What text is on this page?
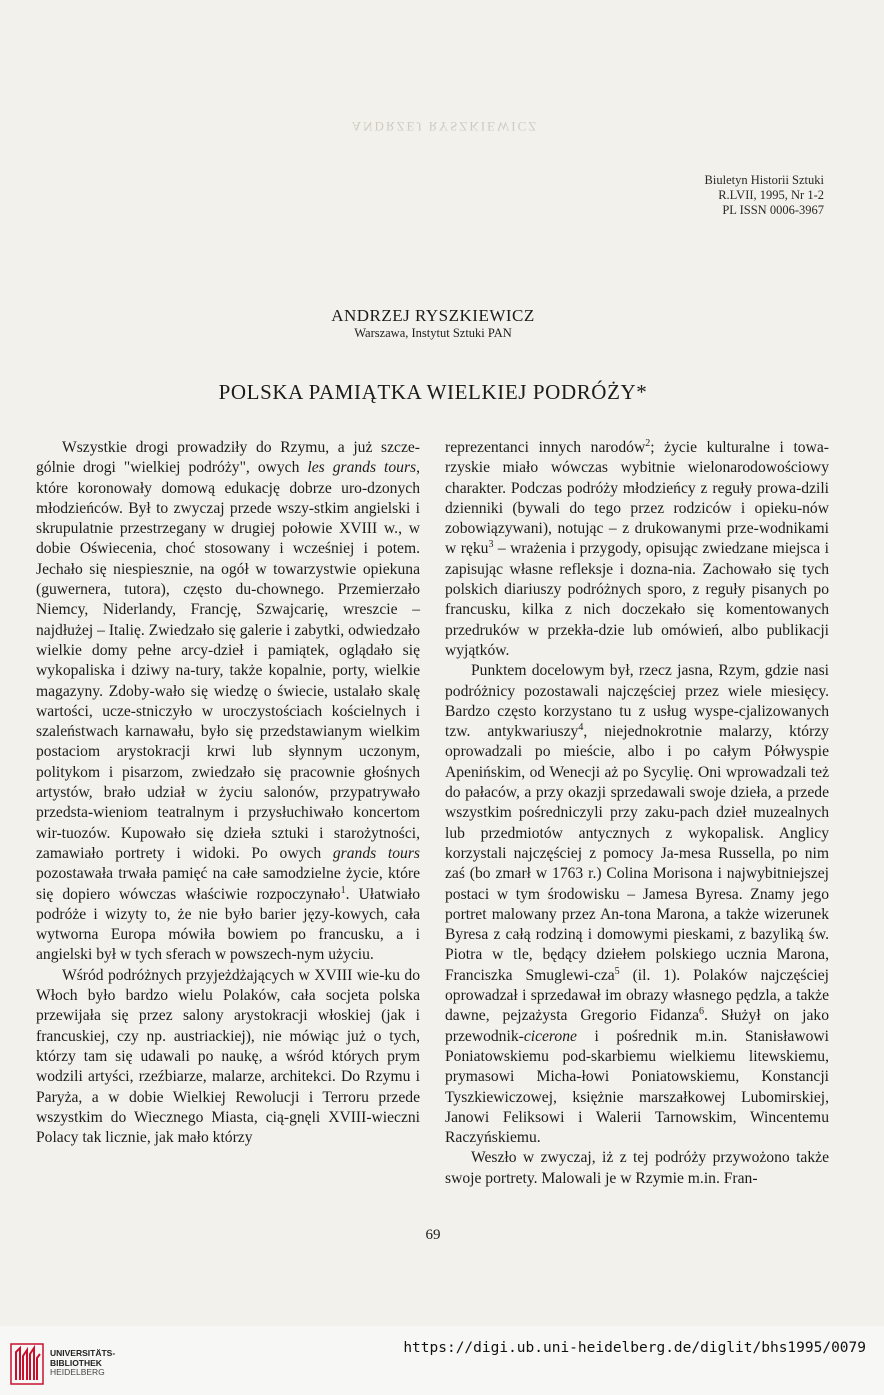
ANDRZEJ RYSZKIEWICZ
Biuletyn Historii Sztuki
R.LVII, 1995, Nr 1-2
PL ISSN 0006-3967
ANDRZEJ RYSZKIEWICZ
Warszawa, Instytut Sztuki PAN
POLSKA PAMIĄTKA WIELKIEJ PODRÓŻY*

Wszystkie drogi prowadziły do Rzymu, a już szcze-gólnie drogi "wielkiej podróży", owych les grands tours, które koronowały domową edukację dobrze uro-dzonych młodzieńców. Był to zwyczaj przede wszy-stkim angielski i skrupulatnie przestrzegany w drugiej połowie XVIII w., w dobie Oświecenia, choć stosowany i wcześniej i potem. Jechało się niespiesznie, na ogół w towarzystwie opiekuna (guwernera, tutora), często du-chownego. Przemierzało Niemcy, Niderlandy, Francję, Szwajcarię, wreszcie – najdłużej – Italię. Zwiedzało się galerie i zabytki, odwiedzało wielkie domy pełne arcy-dzieł i pamiątek, oglądało się wykopaliska i dziwy na-tury, także kopalnie, porty, wielkie magazyny. Zdoby-wało się wiedzę o świecie, ustalało skalę wartości, ucze-stniczyło w uroczystościach kościelnych i szaleństwach karnawału, było się przedstawianym wielkim postaciom arystokracji krwi lub słynnym uczonym, politykom i pisarzom, zwiedzało się pracownie głośnych artystów, brało udział w życiu salonów, przypatrywało przedsta-wieniom teatralnym i przysłuchiwało koncertom wir-tuozów. Kupowało się dzieła sztuki i starożytności, zamawiało portrety i widoki. Po owych grands tours pozostawała trwała pamięć na całe samodzielne życie, które się dopiero wówczas właściwie rozpoczynało$^1$. Ułatwiało podróże i wizyty to, że nie było barier języ-kowych, cała wytworna Europa mówiła bowiem po francusku, a i angielski był w tych sferach w powszech-nym użyciu.

Wśród podróżnych przyjeżdżających w XVIII wie-ku do Włoch było bardzo wielu Polaków, cała socjeta polska przewijała się przez salony arystokracji włoskiej (jak i francuskiej, czy np. austriackiej), nie mówiąc już o tych, którzy tam się udawali po naukę, a wśród których prym wodzili artyści, rzeźbiarze, malarze, architekci. Do Rzymu i Paryża, a w dobie Wielkiej Rewolucji i Terroru przede wszystkim do Wiecznego Miasta, cią-gnęli XVIII-wieczni Polacy tak licznie, jak mało którzy

reprezentanci innych narodów$^2$; życie kulturalne i towa-rzyskie miało wówczas wybitnie wielonarodowościowy charakter. Podczas podróży młodzieńcy z reguły prowa-dzili dzienniki (bywali do tego przez rodziców i opieku-nów zobowiązywani), notując – z drukowanymi prze-wodnikami w ręku$^3$ – wrażenia i przygody, opisując zwiedzane miejsca i zapisując własne refleksje i dozna-nia. Zachowało się tych polskich diariuszy podróżnych sporo, z reguły pisanych po francusku, kilka z nich doczekało się komentowanych przedruków w przekła-dzie lub omówień, albo publikacji wyjątków.

Punktem docelowym był, rzecz jasna, Rzym, gdzie nasi podróżnicy pozostawali najczęściej przez wiele miesięcy. Bardzo często korzystano tu z usług wyspe-cjalizowanych tzw. antykwariuszy$^4$, niejednokrotnie malarzy, którzy oprowadzali po mieście, albo i po całym Półwyspie Apenińskim, od Wenecji aż po Sycylię. Oni wprowadzali też do pałaców, a przy okazji sprzedawali swoje dzieła, a przede wszystkim pośredniczyli przy zaku-pach dzieł muzealnych lub przedmiotów antycznych z wykopalisk. Anglicy korzystali najczęściej z pomocy Ja-mesa Russella, po nim zaś (bo zmarł w 1763 r.) Colina Morisona i najwybitniejszej postaci w tym środowisku – Jamesa Byresa. Znamy jego portret malowany przez An-tona Marona, a także wizerunek Byresa z całą rodziną i domowymi pieskami, z bazyliką św. Piotra w tle, będący dziełem polskiego ucznia Marona, Franciszka Smuglewi-cza$^5$ (il. 1). Polaków najczęściej oprowadzał i sprzedawał im obrazy własnego pędzla, a także dawne, pejzażysta Gregorio Fidanza$^6$. Służył on jako przewodnik-cicerone i pośrednik m.in. Stanisławowi Poniatowskiemu pod-skarbiemu wielkiemu litewskiemu, prymasowi Micha-łowi Poniatowskiemu, Konstancji Tyszkiewiczowej, księżnie marszałkowej Lubomirskiej, Janowi Feliksowi i Walerii Tarnowskim, Wincentemu Raczyńskiemu.

Weszło w zwyczaj, iż z tej podróży przywożono także swoje portrety. Malowali je w Rzymie m.in. Fran-

69
UNIVERSITÄTS-
BIBLIOTHEK
HEIDELBERG
https://digi.ub.uni-heidelberg.de/diglit/bhs1995/0079
